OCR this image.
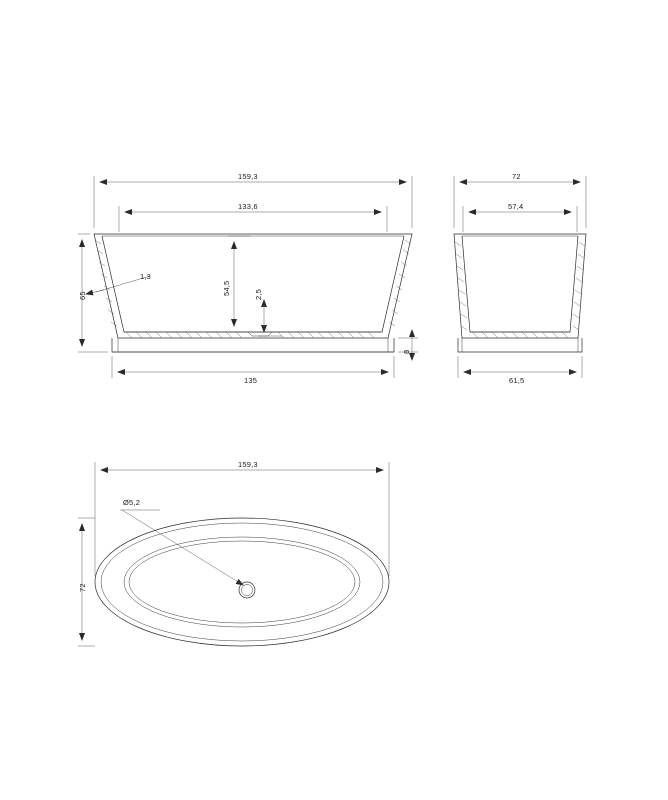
159,3
133,6
135
65
1,3
54,5	2,5
8
72
57,4
61,5
159,3
72
Ø5,2
